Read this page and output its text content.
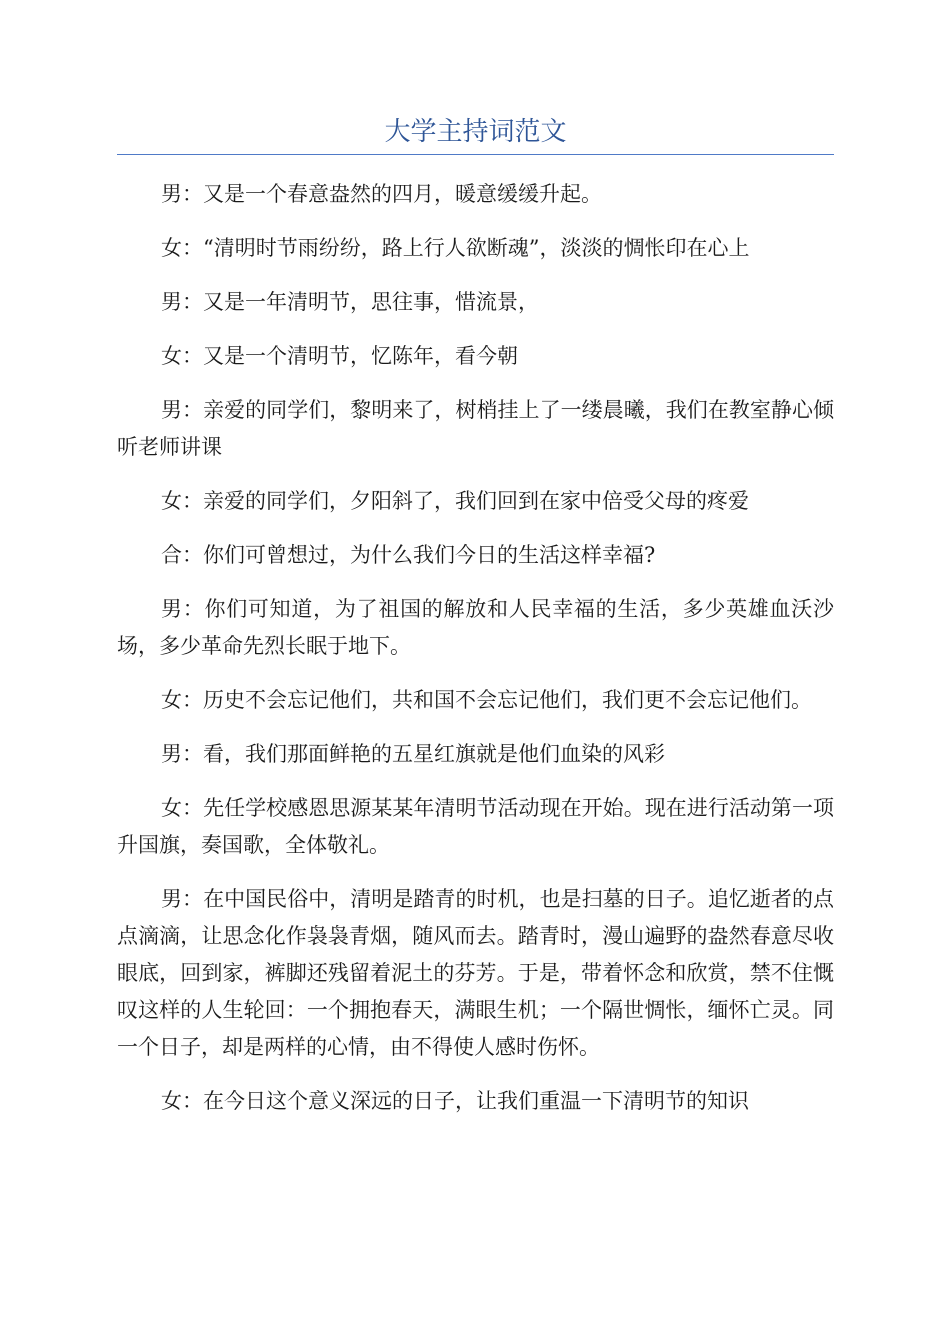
大学主持词范文

男：又是一个春意盎然的四月，暖意缓缓升起。

女：“清明时节雨纷纷，路上行人欲断魂”，淡淡的惆怅印在心上

男：又是一年清明节，思往事，惜流景，

女：又是一个清明节，忆陈年，看今朝

男：亲爱的同学们，黎明来了，树梢挂上了一缕晨曦，我们在教室静心倾听老师讲课

女：亲爱的同学们，夕阳斜了，我们回到在家中倍受父母的疼爱

合：你们可曾想过，为什么我们今日的生活这样幸福?

男：你们可知道，为了祖国的解放和人民幸福的生活，多少英雄血沃沙场，多少革命先烈长眠于地下。

女：历史不会忘记他们，共和国不会忘记他们，我们更不会忘记他们。

男：看，我们那面鲜艳的五星红旗就是他们血染的风彩

女：先任学校感恩思源某某年清明节活动现在开始。现在进行活动第一项升国旗，奏国歌，全体敬礼。

男：在中国民俗中，清明是踏青的时机，也是扫墓的日子。追忆逝者的点点滴滴，让思念化作袅袅青烟，随风而去。踏青时，漫山遍野的盎然春意尽收眼底，回到家，裤脚还残留着泥土的芬芳。于是，带着怀念和欣赏，禁不住慨叹这样的人生轮回：一个拥抱春天，满眼生机；一个隔世惆怅，缅怀亡灵。同一个日子，却是两样的心情，由不得使人感时伤怀。

女：在今日这个意义深远的日子，让我们重温一下清明节的知识
